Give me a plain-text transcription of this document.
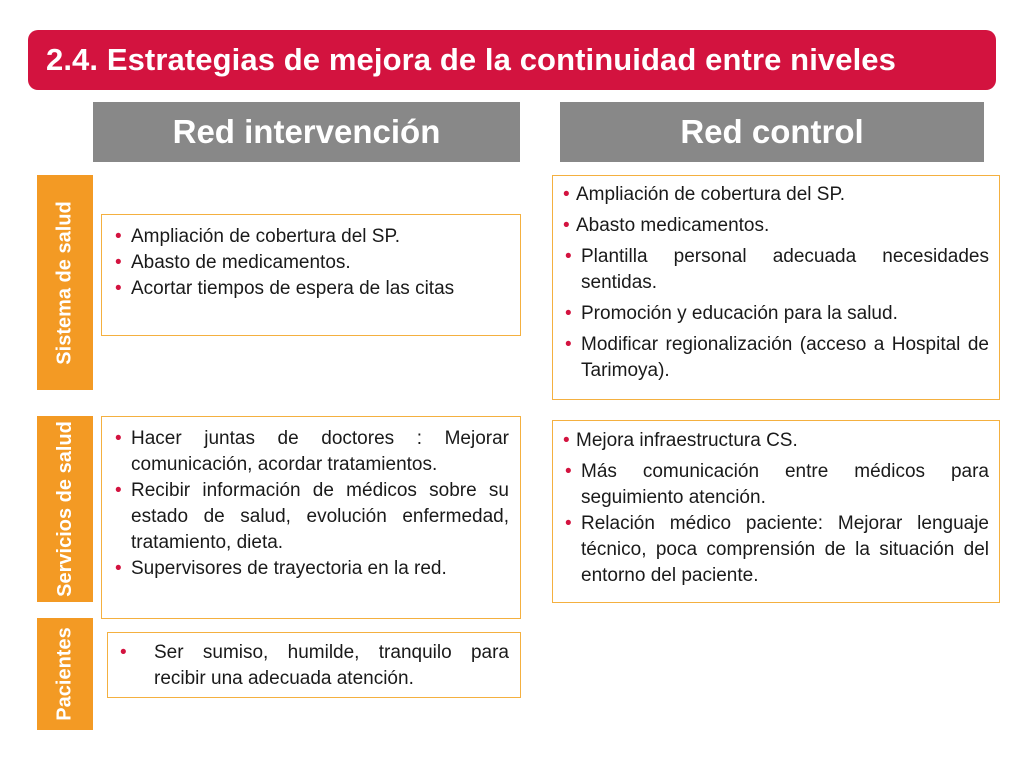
2.4. Estrategias de mejora de la continuidad entre niveles
Red intervención	Red control
Sistema de salud
Servicios de salud
Pacientes
• Ampliación de cobertura del SP.
• Abasto de medicamentos.
• Acortar tiempos de espera de las citas
• Hacer juntas de doctores : Mejorar comunicación, acordar tratamientos.
• Recibir información de médicos sobre su estado de salud, evolución enfermedad, tratamiento, dieta.
• Supervisores de trayectoria en la red.
• Ser sumiso, humilde, tranquilo para recibir una adecuada atención.
• Ampliación de cobertura del SP.
• Abasto medicamentos.
• Plantilla personal adecuada necesidades sentidas.
• Promoción y educación para la salud.
• Modificar regionalización (acceso a Hospital de Tarimoya).
• Mejora infraestructura CS.
• Más comunicación entre médicos para seguimiento atención.
• Relación médico paciente: Mejorar lenguaje técnico, poca comprensión de la situación del entorno del paciente.
